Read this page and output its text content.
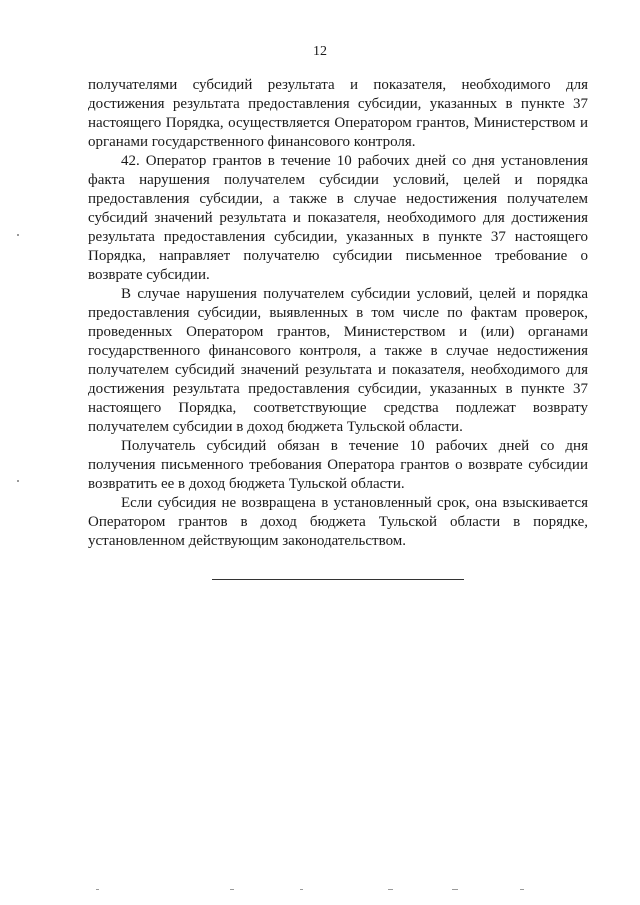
12

получателями субсидий результата и показателя, необходимого для достижения результата предоставления субсидии, указанных в пункте 37 настоящего Порядка, осуществляется Оператором грантов, Министерством и органами государственного финансового контроля.

42. Оператор грантов в течение 10 рабочих дней со дня установления факта нарушения получателем субсидии условий, целей и порядка предоставления субсидии, а также в случае недостижения получателем субсидий значений результата и показателя, необходимого для достижения результата предоставления субсидии, указанных в пункте 37 настоящего Порядка, направляет получателю субсидии письменное требование о возврате субсидии.

В случае нарушения получателем субсидии условий, целей и порядка предоставления субсидии, выявленных в том числе по фактам проверок, проведенных Оператором грантов, Министерством и (или) органами государственного финансового контроля, а также в случае недостижения получателем субсидий значений результата и показателя, необходимого для достижения результата предоставления субсидии, указанных в пункте 37 настоящего Порядка, соответствующие средства подлежат возврату получателем субсидии в доход бюджета Тульской области.

Получатель субсидий обязан в течение 10 рабочих дней со дня получения письменного требования Оператора грантов о возврате субсидии возвратить ее в доход бюджета Тульской области.

Если субсидия не возвращена в установленный срок, она взыскивается Оператором грантов в доход бюджета Тульской области в порядке, установленном действующим законодательством.
